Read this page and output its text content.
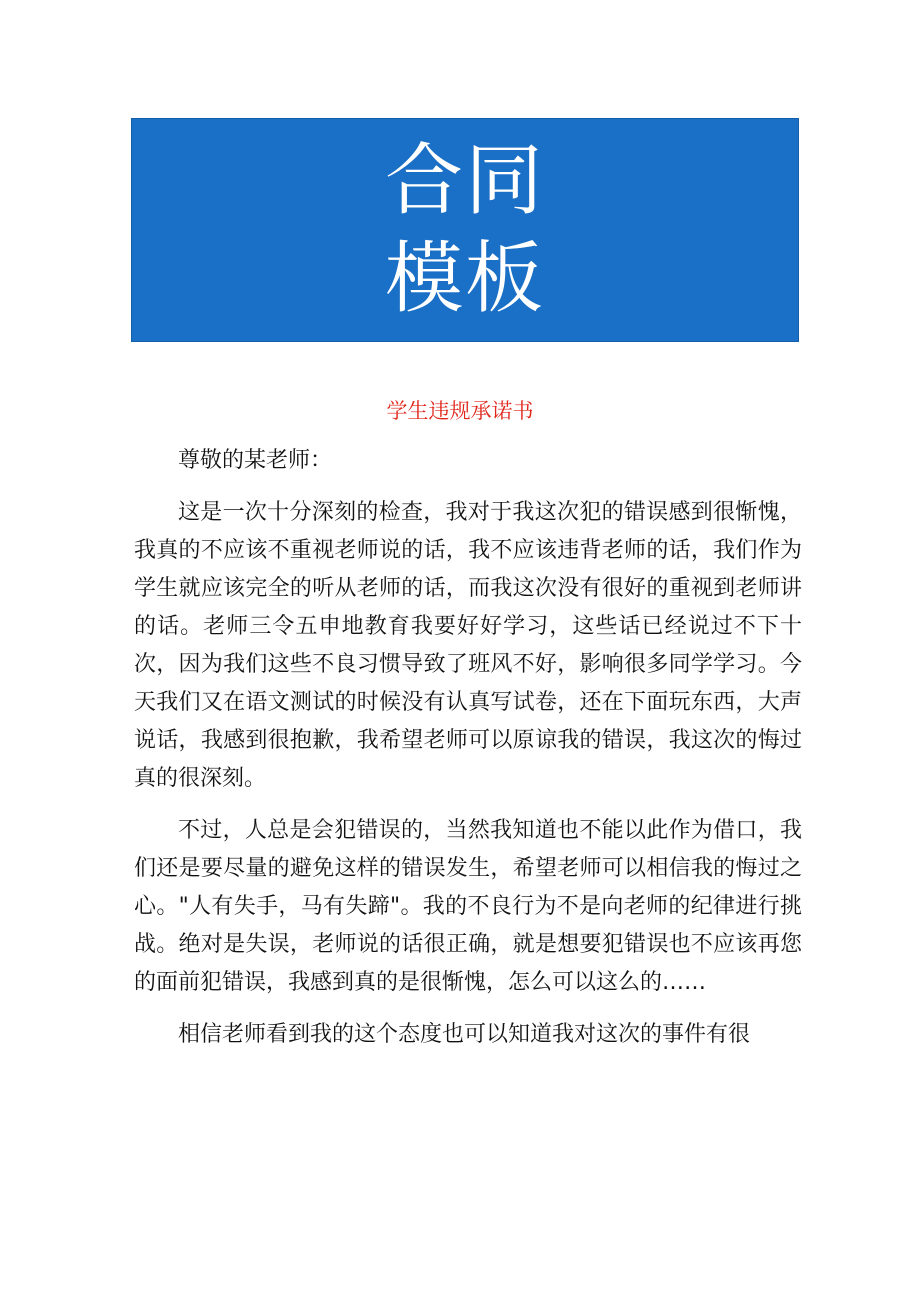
合同
模板
学生违规承诺书

尊敬的某老师：

这是一次十分深刻的检查，我对于我这次犯的错误感到很惭愧，我真的不应该不重视老师说的话，我不应该违背老师的话，我们作为学生就应该完全的听从老师的话，而我这次没有很好的重视到老师讲的话。老师三令五申地教育我要好好学习，这些话已经说过不下十次，因为我们这些不良习惯导致了班风不好，影响很多同学学习。今天我们又在语文测试的时候没有认真写试卷，还在下面玩东西，大声说话，我感到很抱歉，我希望老师可以原谅我的错误，我这次的悔过真的很深刻。

不过，人总是会犯错误的，当然我知道也不能以此作为借口，我们还是要尽量的避免这样的错误发生，希望老师可以相信我的悔过之心。"人有失手，马有失蹄"。我的不良行为不是向老师的纪律进行挑战。绝对是失误，老师说的话很正确，就是想要犯错误也不应该再您的面前犯错误，我感到真的是很惭愧，怎么可以这么的……

相信老师看到我的这个态度也可以知道我对这次的事件有很
